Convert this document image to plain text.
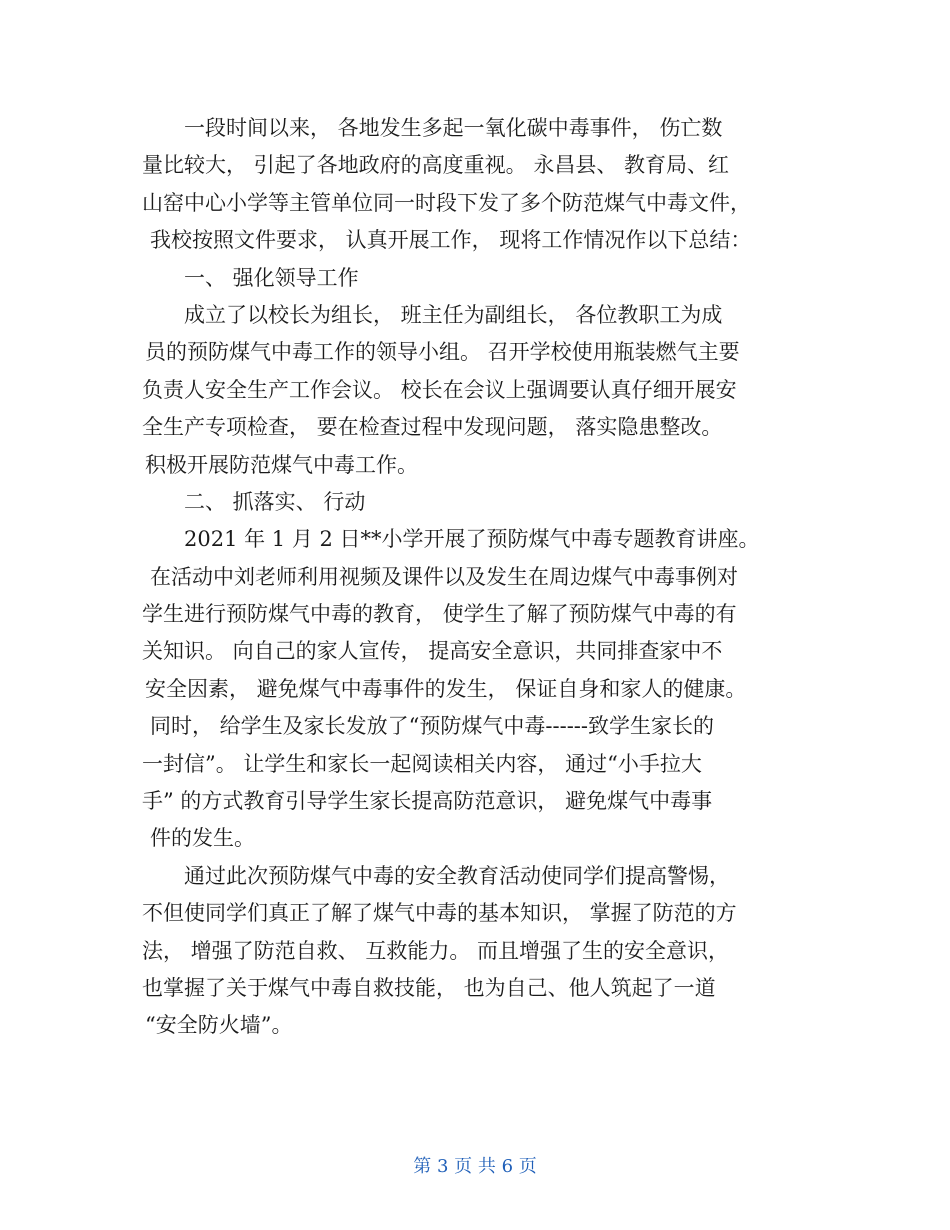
一段时间以来， 各地发生多起一氧化碳中毒事件， 伤亡数
量比较大， 引起了各地政府的高度重视。 永昌县、 教育局、红
山窑中心小学等主管单位同一时段下发了多个防范煤气中毒文件，
我校按照文件要求， 认真开展工作， 现将工作情况作以下总结：
一、 强化领导工作
成立了以校长为组长， 班主任为副组长， 各位教职工为成
员的预防煤气中毒工作的领导小组。 召开学校使用瓶装燃气主要
负责人安全生产工作会议。 校长在会议上强调要认真仔细开展安
全生产专项检查， 要在检查过程中发现问题， 落实隐患整改。
积极开展防范煤气中毒工作。
二、 抓落实、 行动
2021 年 1 月 2 日**小学开展了预防煤气中毒专题教育讲座。
在活动中刘老师利用视频及课件以及发生在周边煤气中毒事例对
学生进行预防煤气中毒的教育， 使学生了解了预防煤气中毒的有
关知识。 向自己的家人宣传， 提高安全意识，共同排查家中不
安全因素， 避免煤气中毒事件的发生， 保证自身和家人的健康。
同时， 给学生及家长发放了“预防煤气中毒------致学生家长的
一封信”。 让学生和家长一起阅读相关内容， 通过“小手拉大
手” 的方式教育引导学生家长提高防范意识， 避免煤气中毒事
件的发生。
通过此次预防煤气中毒的安全教育活动使同学们提高警惕，
不但使同学们真正了解了煤气中毒的基本知识， 掌握了防范的方
法， 增强了防范自救、 互救能力。 而且增强了生的安全意识，
也掌握了关于煤气中毒自救技能， 也为自己、他人筑起了一道
“安全防火墙”。
第 3 页 共 6 页
